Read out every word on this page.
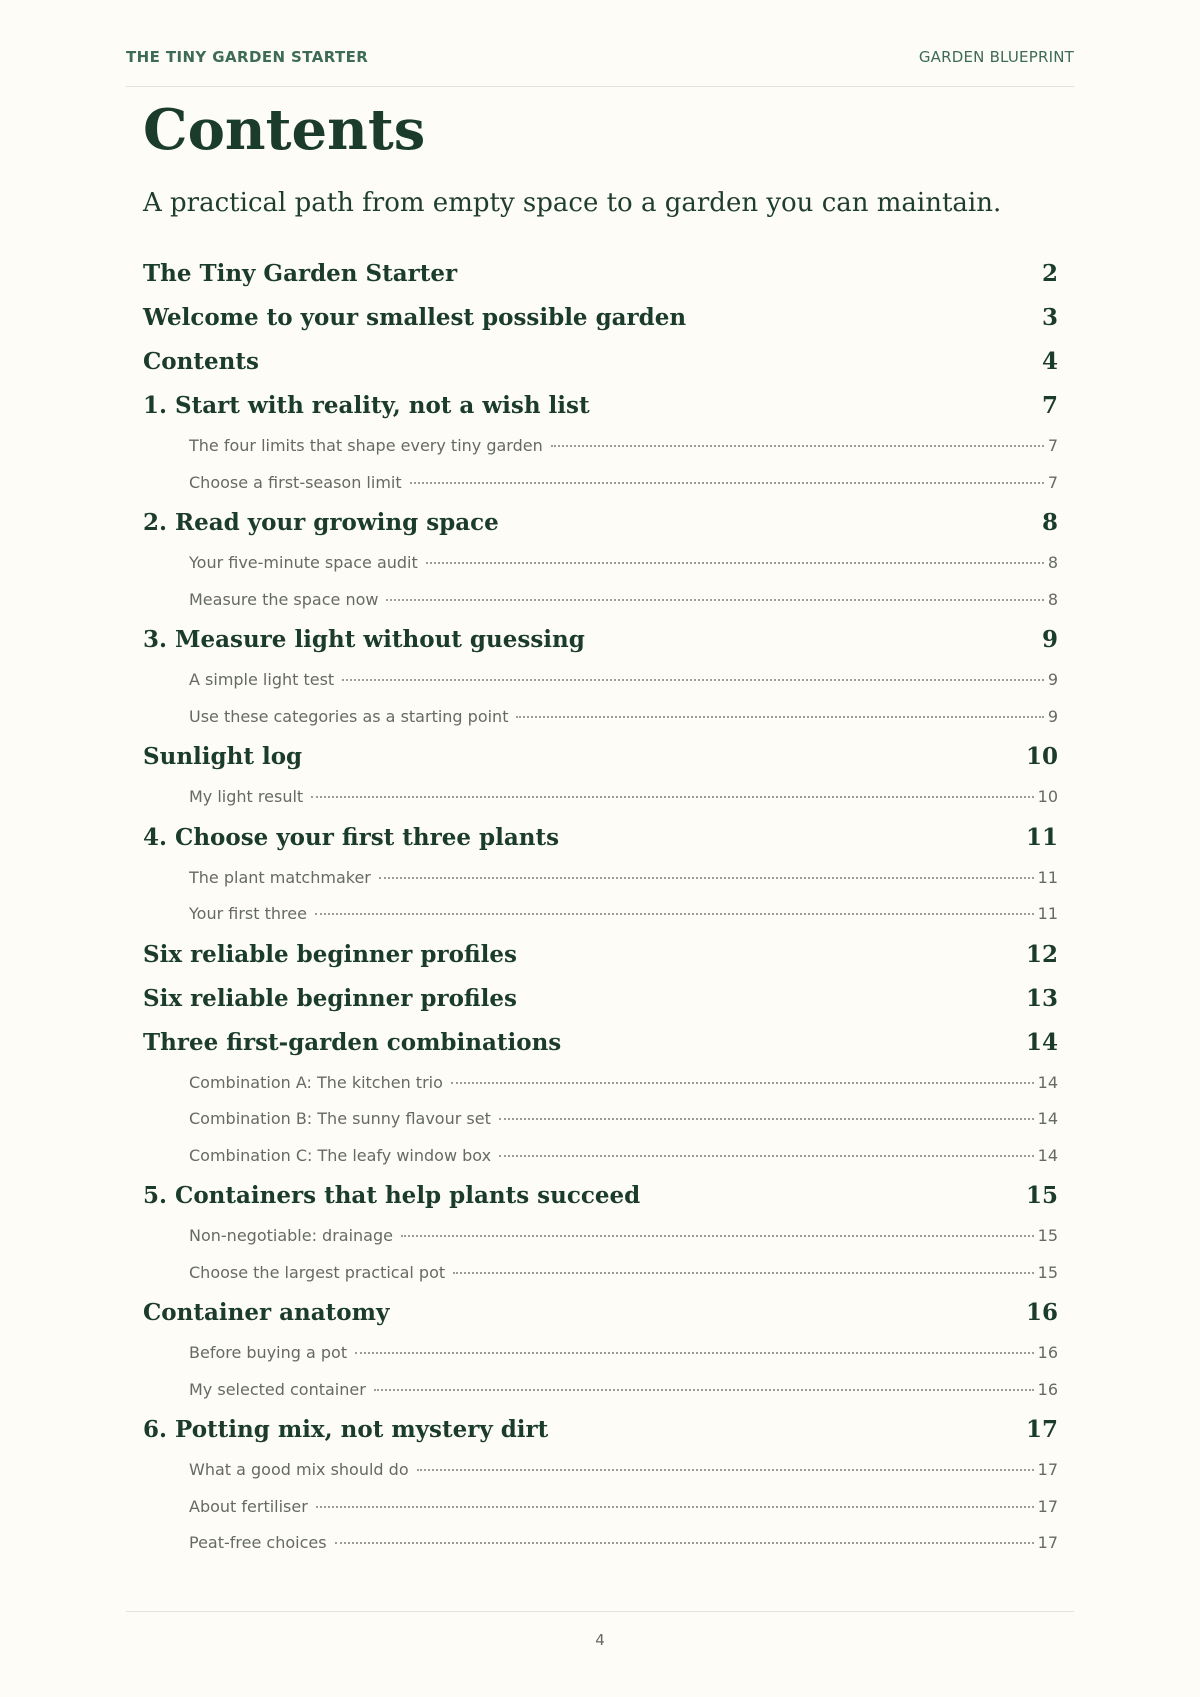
THE TINY GARDEN STARTER	GARDEN BLUEPRINT
Contents

A practical path from empty space to a garden you can maintain.

The Tiny Garden Starter	2
Welcome to your smallest possible garden	3
Contents	4
1. Start with reality, not a wish list	7
The four limits that shape every tiny garden	7
Choose a first-season limit	7
2. Read your growing space	8
Your five-minute space audit	8
Measure the space now	8
3. Measure light without guessing	9
A simple light test	9
Use these categories as a starting point	9
Sunlight log	10
My light result	10
4. Choose your first three plants	11
The plant matchmaker	11
Your first three	11
Six reliable beginner profiles	12
Six reliable beginner profiles	13
Three first-garden combinations	14
Combination A: The kitchen trio	14
Combination B: The sunny flavour set	14
Combination C: The leafy window box	14
5. Containers that help plants succeed	15
Non-negotiable: drainage	15
Choose the largest practical pot	15
Container anatomy	16
Before buying a pot	16
My selected container	16
6. Potting mix, not mystery dirt	17
What a good mix should do	17
About fertiliser	17
Peat-free choices	17
4
